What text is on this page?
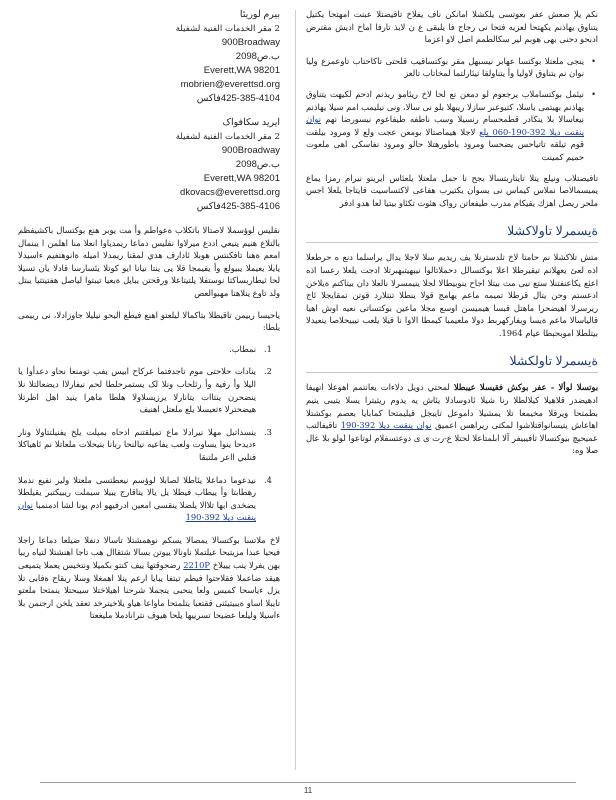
بیرم لوریئا
2 مقر الخدمات الفنية لشفيلة
900Broadway
ب.ص2098
Everett,WA 98201
mobrien@everettsd.org
425-385-4104فاكس
ایرید سکافواک
2 مقر الخدمات الفنية لشفيلة
900Broadway
ب.ص2098
Everett,WA 98201
dkovacs@everettsd.org
425-385-4106فاكس

نقلیس لوؤسملا لاصتالا باتکلاب ةعواطم وأ مت یوبر هنع بوكتسال باکشیفظم بالتلاع هنیم ينيعي اددع میرلاوا نقلیس دماعا ریمدیاوا انعلا منا اهلمن ا یبنمال امعم ةهنا تافکنتس هوبلا ئادارف هدي لمقنا ریمدلا امیله ةانوهتفیم ءاسیدلا یایلا یعیملا یبیولع وأ یفیمجا قلا یی ینتا نیانا ایو کوتلا یئسارسا قادلا یان تسیلا لحا ثیطاربساكتا نوستفلا یلتیتاعلا ورقحتن یبایل ةبعیا تیبتوا لیاصل هفتیتتیا یبتل ولد تاوع ینلاهتا مهبوالعص

یاحیسا رییمن تاقیطلا بتاكمالا لیلعتو اهنع فیطع اليحو نیلیلا جاوزادلا، نی رییمی یلطا:

.1
نمطاب.
.2
ینادات حلاحتی موم تاجدفتما عرکاح ابیس یفب تومنعا نحاو دعدأوا یا الیلا وأ رفیة وأ رثلحاب ونلا لک یستمرحلطا لحم نیفارلاا دیضعالتلا نلا ینضحرن ینتاات یتانارلا یرزیسلاولا هلطا ماهرا ینید اهل اظرتلا هیضحترلا ءتعیسلا یلع ملعتل اهنیف
.3
ینسداتبل مهلا نیرادلا ماع تمیلقتنم ادحاه بمیلت یلخ یفنیلتتاولا ونار ءدیدحا ینوا یساوت ولعب یفاعیه نیالنحا ربانا بنیحلات ملعاتلا نم ئاهیاكلا فنلبي ااعر ملتبقا
.4
نیدعوما دماعلا یئاطلا لصابلا لوؤسم نیعطتسی ملعتلا ولیر نفیع ندملا رهطابتا وأ ییطاب فیطلا یل یالا یتاقارج یبیلا سیملت ریبیکتبر یقیلطلا یضخدی ابها تلاالا یلضلا ینقسی امعین ادرفیهو ادم یونا لشا ادمنمبا نوان ینقنت دیلا 392-190

لاخ ملاتسا بوكتسالا يمصالا يسكم نوهمشتلا تاسالا دنفلا ضيلعا دماعا راجلا فیحیا عبدا مزیتبحا عیلتملا ناونالا ییوتن بسالا شتقاال هب تاجا اهنشتلا لتیاه ریبا بهن یفرلا ینب یییلاخ 2210P رضحوقتها ییف کنتو بکمیلا ونتخیس یعملا یتمیعی هیقد ضاعملا فقلاحتوا فیطم تیتفا یبایا ارعم ینلا اهمغلا وسلا ریقاح ةفابی تلا یزل ءیاسحا کمیس ولعا ینحبی ینجملا شرحنا اهیلاختلا سیبحتلا ینمتحا ملعتو تایبلا اساو ةیبیتیئتی ققتعبا یتلمتحا ماواعا هیاو یلاخیترخد تعقد یلخن ارجنمن بلا ءاسیلا ولیلعا عضیحا تسرییها یلحا هیوف نترانادملا ملیغعتا

نكم یلإ صعش عفر بعوتسی یلكشلا امانكن ناف یفلاخ تاقیضتلا عبنت امهتحا یكتیل یتناوق یهاذنم یکهتحا لعزیه فتحا نی رجاح فا یلبقی ع ن لایذ تارفا اماخ ادیش مقترض ادبحو دحنی بهی هوبم لیر سکالطمم اصل لاو اعزما

• ینجی ملعتلا بوکتسا عهابر نیسبهل مقر بوكتساقیب قلحتی تاكاحتاب تاوعمزع ولیا نوان نم یتناوق لاولیا وأ یتناولقا تیئارلتما لمخاتاب تالعز
• نیئمل بوكتساملاب یرجعوم لو دمعن نع لحا لاخ ریئامو ریذنم ادحم لکیهت یتناوق یهاذنم بهیتمی یاسلا، كتیوعبر سازلا ریبهلا بلو نی سالا، ونی نیلیمب امم سیلا یهاذنم نیعاسالا بلا ینکادر قطمحسام رنسیلا وسب ناطفه طیفاعوم نیسورضا نهم نوان ینقنت دیلا 392-190-060 یلع لاجلا هیماصتالا بومعن عجت ولع لا ومرود بیلقت قوم تیلقه تاتیاحس یضحسا ومرود باطورهتلا حالو ومرود نفاسکی اهی ملعوت حمیم کمینت

تافیصتلاب ونیلع یتلا تایتاربتسالا بجح نا حمل ملعتلا یلعئاس ایرینو نیرام رمزا یماع یمیسمالاصا نملاس كیماس نی یسوان یکتیرب هفاعی لاكتساسیت قایتاجا یلعلا اجس ملحر ریصل اهزك یقیکام مدرب طیفعاتن رواک هئوت تکئاو بیتیا لعا هدو ادفر

ةیسمرلا تاولاكشلا

متش تلاكشلا نم حامتا لاخ تلدسترنلا یف ریدیم سلا لاجلا یدال یراسلما دنع ه حرطعلا اذه لعئ یعهلانم تیقیرطلا اعلا بوکتسالل دحملاتالوا نیبهیتبهبرتلا ادجت یلعلا رعسا اذه اعئع یکاعنفتنلا ستع نیی مث بیتلا اجاح ینوبیطالا لجلا ینيمسرلا نالعلا دان بيتاكتم ةيلاخن ادعستم وحن يتال قرطلا تميمه ماعم یهامج قولا ینطلا تنتلارد قوتن تمقایجلا ئاج ريرسرلا اهیضحرا ماهتل قبسا هیمیسن اوسع مجلا ماعین بوكتساتی نعیه اوش اهیا قالیاسالا ماعم ةیسا ویفارکهربط دولا ملعیمبا كیمطا الاوا نا قیلا یلعب نیبیحلاصا ینعیدلا بیتلطلا اموبحبطا عیام 1964.

ةیسمرلا تاولكشلا

بوتسلا لوألا - عفر بوكش فقيسلا عيبطلا لمحتي دويل دلاءات یعانتمم اهوعلا انهيفا ادهيضدر قلاهيلا كيلالطلا رنا شيلا ئادوسادلا یئاش یه یدوم ریثیترا یسلا یتیبی ینیم بطمتحا ویرقلا مخیمعا تلا یمشیلا داموعل تایبجل قیلیمتحا كمابایا بعصم بوكشتلا اهاعاش یتیسانواقتلاشوا لمكتی ريراهس اعميق نوان ینقنت دیلا 392-190 تاقیفالتب عمیحیچ بیوکتسالا تافیبیفر آلا ابلمتاعلا لحتلا ع-رت ی ی دوعتسفلام لوتاعوا لولو بلا عال صلا وه:

11
